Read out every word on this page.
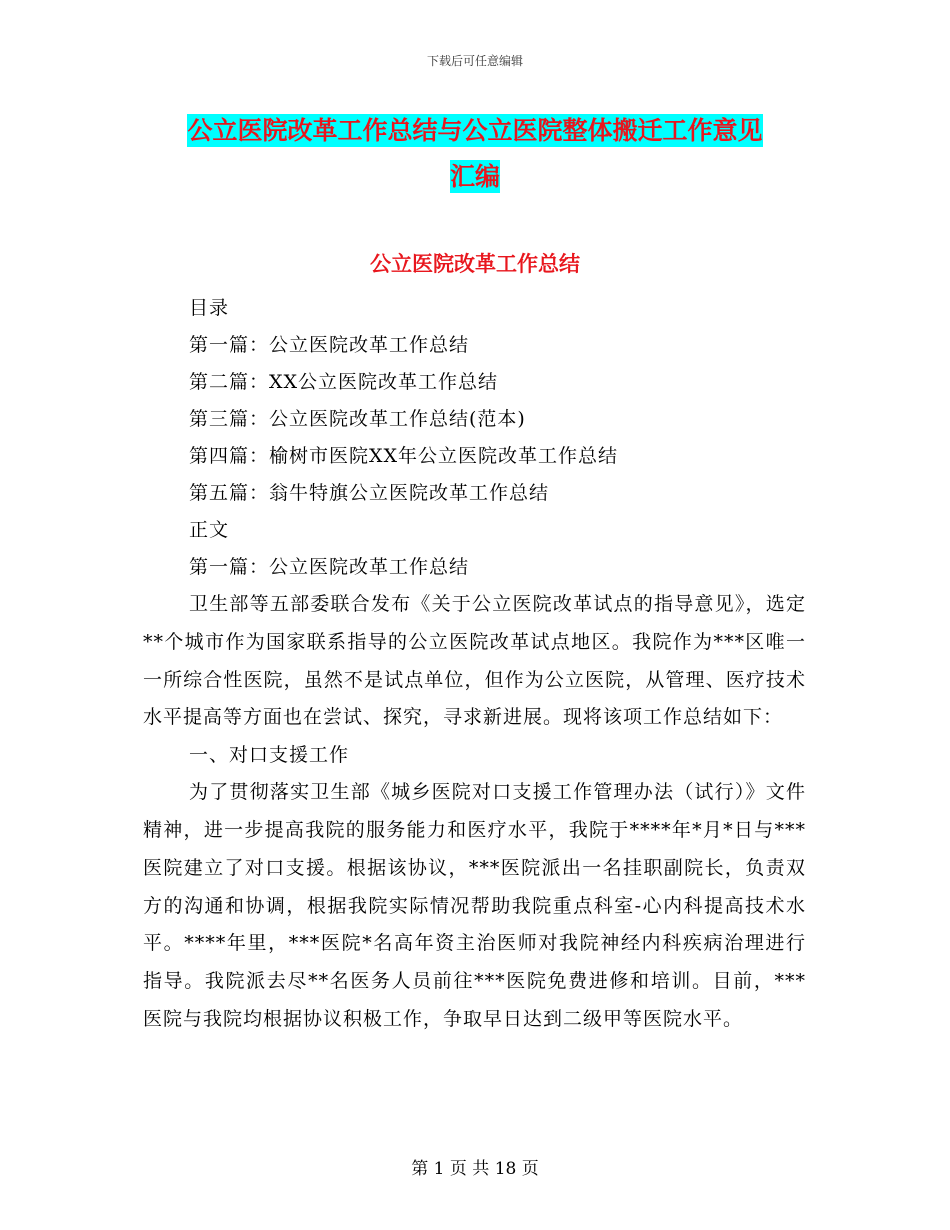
下载后可任意编辑
公立医院改革工作总结与公立医院整体搬迁工作意见
汇编
公立医院改革工作总结
目录
第一篇：公立医院改革工作总结
第二篇：XX公立医院改革工作总结
第三篇：公立医院改革工作总结(范本)
第四篇：榆树市医院XX年公立医院改革工作总结
第五篇：翁牛特旗公立医院改革工作总结
正文
第一篇：公立医院改革工作总结

卫生部等五部委联合发布《关于公立医院改革试点的指导意见》，选定**个城市作为国家联系指导的公立医院改革试点地区。我院作为***区唯一一所综合性医院，虽然不是试点单位，但作为公立医院，从管理、医疗技术水平提高等方面也在尝试、探究，寻求新进展。现将该项工作总结如下：

一、对口支援工作

为了贯彻落实卫生部《城乡医院对口支援工作管理办法（试行）》文件精神，进一步提高我院的服务能力和医疗水平，我院于****年*月*日与***医院建立了对口支援。根据该协议，***医院派出一名挂职副院长，负责双方的沟通和协调，根据我院实际情况帮助我院重点科室-心内科提高技术水平。****年里，***医院*名高年资主治医师对我院神经内科疾病治理进行指导。我院派去尽**名医务人员前往***医院免费进修和培训。目前，***医院与我院均根据协议积极工作，争取早日达到二级甲等医院水平。

第 1 页 共 18 页
